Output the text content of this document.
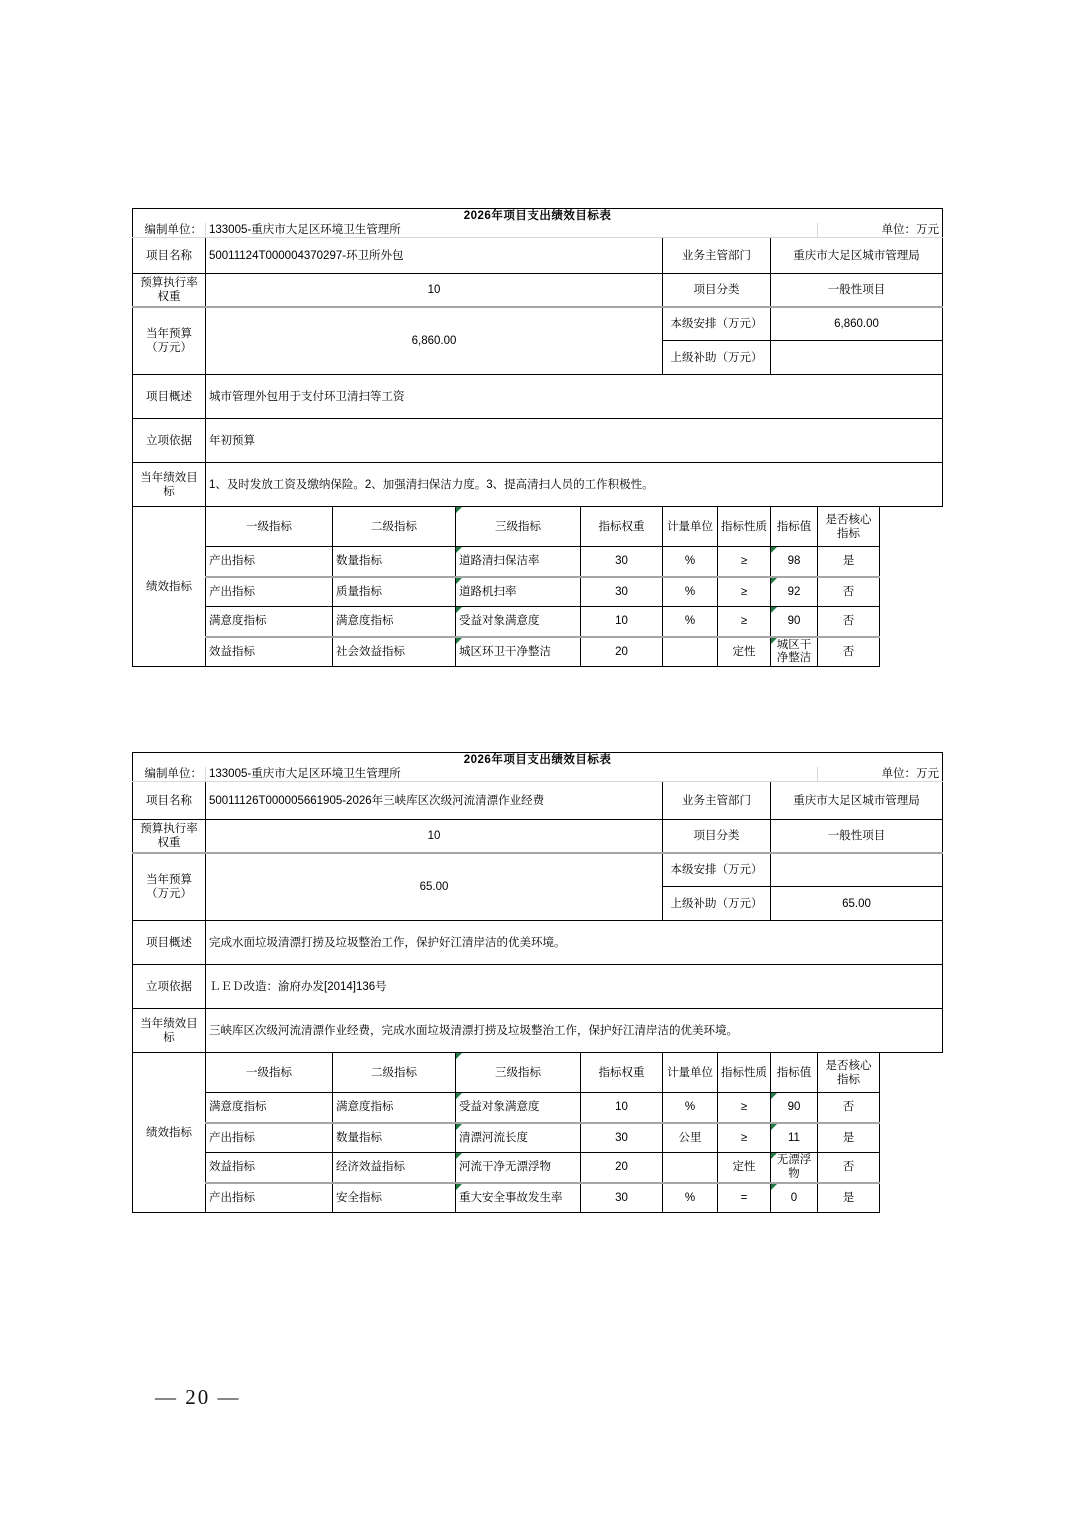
2026年项目支出绩效目标表								
编制单位：	133005-重庆市大足区环境卫生管理所							单位：万元
项目名称	50011124T000004370297-环卫所外包				业务主管部门		重庆市大足区城市管理局	
预算执行率权重	10				项目分类		一般性项目	
当年预算（万元）	6,860.00				本级安排（万元）		6,860.00	
					上级补助（万元）			
项目概述	城市管理外包用于支付环卫清扫等工资							
立项依据	年初预算							
当年绩效目标	1、及时发放工资及缴纳保险。2、加强清扫保洁力度。3、提高清扫人员的工作积极性。							
绩效指标	一级指标	二级指标	三级指标	指标权重	计量单位	指标性质	指标值	是否核心指标
	产出指标	数量指标	道路清扫保洁率	30	%	≥	98	是
	产出指标	质量指标	道路机扫率	30	%	≥	92	否
	满意度指标	满意度指标	受益对象满意度	10	%	≥	90	否
	效益指标	社会效益指标	城区环卫干净整洁	20		定性	城区干净整洁	否
2026年项目支出绩效目标表								
编制单位：	133005-重庆市大足区环境卫生管理所							单位：万元
项目名称	50011126T000005661905-2026年三峡库区次级河流清漂作业经费				业务主管部门		重庆市大足区城市管理局	
预算执行率权重	10				项目分类		一般性项目	
当年预算（万元）	65.00				本级安排（万元）			
					上级补助（万元）		65.00	
项目概述	完成水面垃圾清漂打捞及垃圾整治工作，保护好江清岸洁的优美环境。							
立项依据	ＬＥＤ改造：渝府办发[2014]136号							
当年绩效目标	三峡库区次级河流清漂作业经费，完成水面垃圾清漂打捞及垃圾整治工作，保护好江清岸洁的优美环境。							
绩效指标	一级指标	二级指标	三级指标	指标权重	计量单位	指标性质	指标值	是否核心指标
	满意度指标	满意度指标	受益对象满意度	10	%	≥	90	否
	产出指标	数量指标	清漂河流长度	30	公里	≥	11	是
	效益指标	经济效益指标	河流干净无漂浮物	20		定性	无漂浮物	否
	产出指标	安全指标	重大安全事故发生率	30	%	=	0	是
— 20 —
